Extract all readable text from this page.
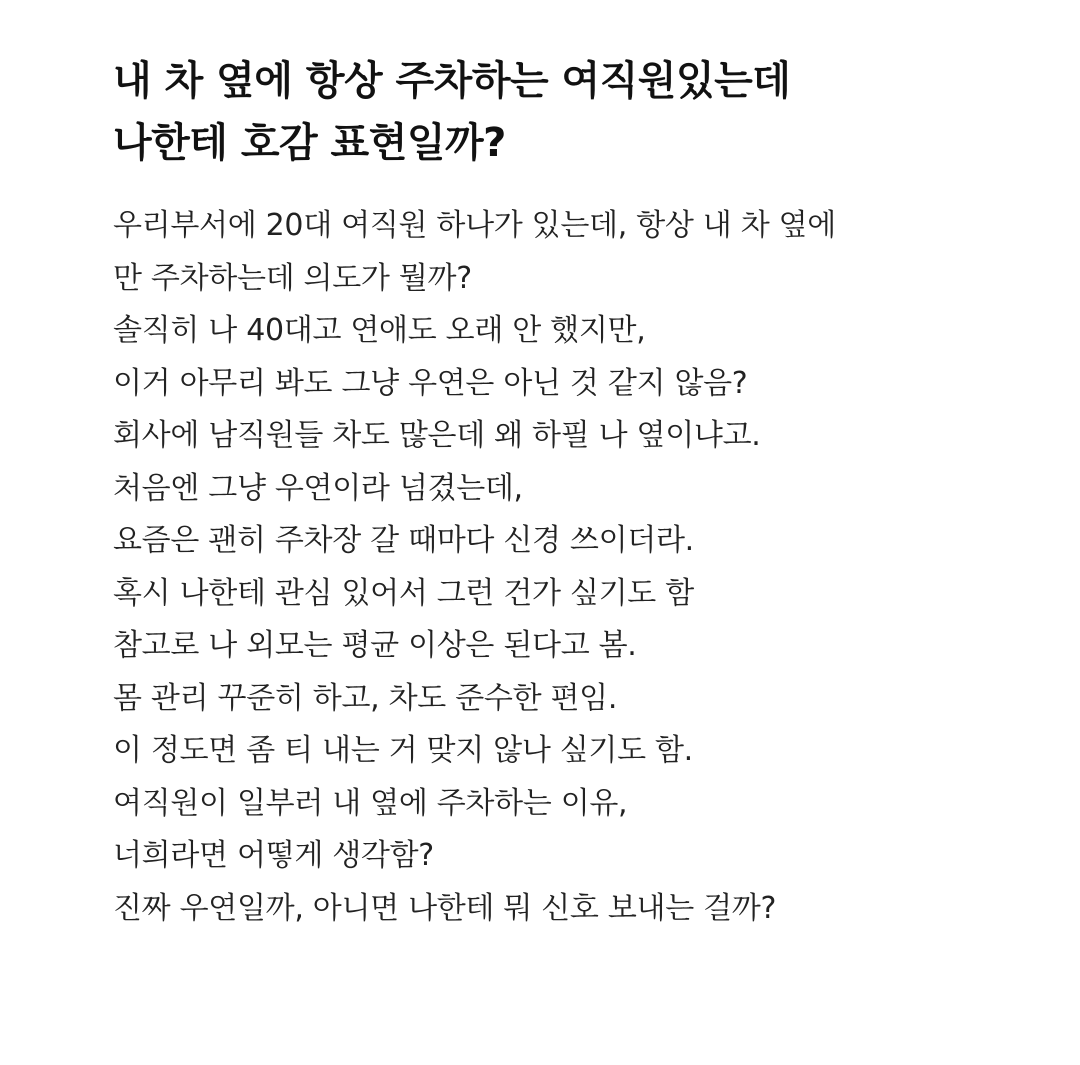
내 차 옆에 항상 주차하는 여직원있는데
나한테 호감 표현일까?
우리부서에 20대 여직원 하나가 있는데, 항상 내 차 옆에
만 주차하는데 의도가 뭘까?
솔직히 나 40대고 연애도 오래 안 했지만,
이거 아무리 봐도 그냥 우연은 아닌 것 같지 않음?
회사에 남직원들 차도 많은데 왜 하필 나 옆이냐고.
처음엔 그냥 우연이라 넘겼는데,
요즘은 괜히 주차장 갈 때마다 신경 쓰이더라.
혹시 나한테 관심 있어서 그런 건가 싶기도 함
참고로 나 외모는 평균 이상은 된다고 봄.
몸 관리 꾸준히 하고, 차도 준수한 편임.
이 정도면 좀 티 내는 거 맞지 않나 싶기도 함.
여직원이 일부러 내 옆에 주차하는 이유,
너희라면 어떻게 생각함?
진짜 우연일까, 아니면 나한테 뭐 신호 보내는 걸까?
